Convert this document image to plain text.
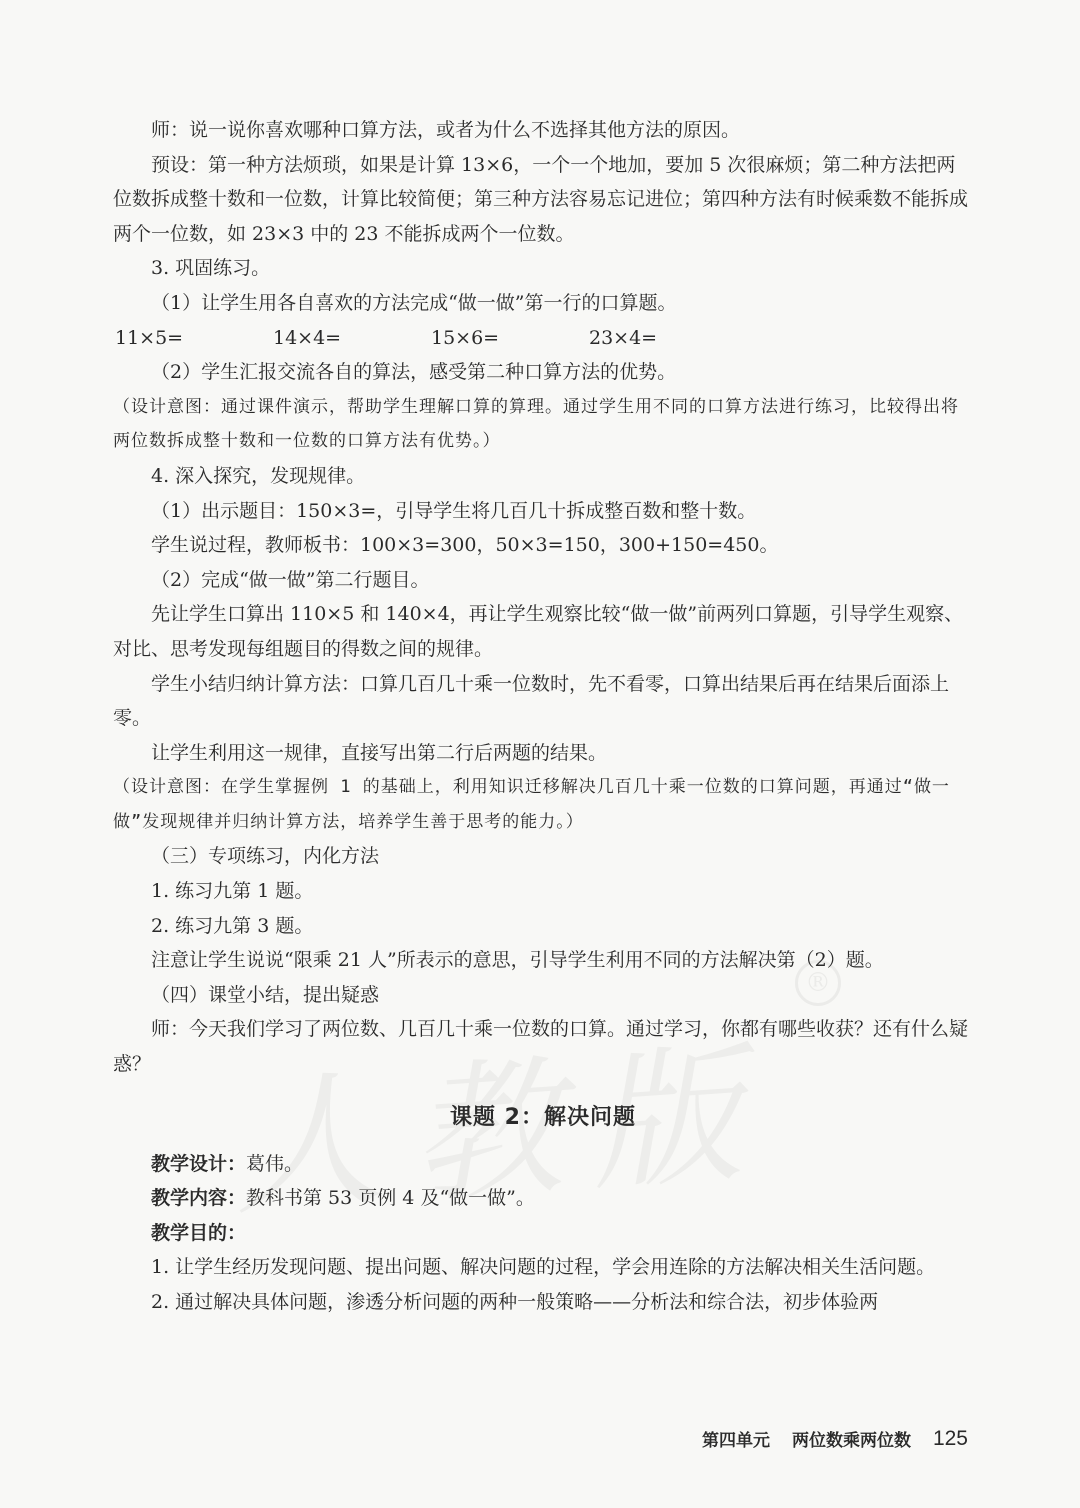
®

师：说一说你喜欢哪种口算方法，或者为什么不选择其他方法的原因。

预设：第一种方法烦琐，如果是计算 13×6，一个一个地加，要加 5 次很麻烦；第二种方法把两位数拆成整十数和一位数，计算比较简便；第三种方法容易忘记进位；第四种方法有时候乘数不能拆成两个一位数，如 23×3 中的 23 不能拆成两个一位数。

3. 巩固练习。

（1）让学生用各自喜欢的方法完成“做一做”第一行的口算题。

11×5=	14×4=	15×6=	23×4=

（2）学生汇报交流各自的算法，感受第二种口算方法的优势。

（设计意图：通过课件演示，帮助学生理解口算的算理。通过学生用不同的口算方法进行练习，比较得出将两位数拆成整十数和一位数的口算方法有优势。）

4. 深入探究，发现规律。

（1）出示题目：150×3=，引导学生将几百几十拆成整百数和整十数。

学生说过程，教师板书：100×3=300，50×3=150，300+150=450。

（2）完成“做一做”第二行题目。

先让学生口算出 110×5 和 140×4，再让学生观察比较“做一做”前两列口算题，引导学生观察、对比、思考发现每组题目的得数之间的规律。

学生小结归纳计算方法：口算几百几十乘一位数时，先不看零，口算出结果后再在结果后面添上零。

让学生利用这一规律，直接写出第二行后两题的结果。

（设计意图：在学生掌握例 1 的基础上，利用知识迁移解决几百几十乘一位数的口算问题，再通过“做一做”发现规律并归纳计算方法，培养学生善于思考的能力。）

（三）专项练习，内化方法

1. 练习九第 1 题。

2. 练习九第 3 题。

注意让学生说说“限乘 21 人”所表示的意思，引导学生利用不同的方法解决第（2）题。

（四）课堂小结，提出疑惑

师：今天我们学习了两位数、几百几十乘一位数的口算。通过学习，你都有哪些收获？还有什么疑惑？

课题 2：解决问题

教学设计：葛伟。

教学内容：教科书第 53 页例 4 及“做一做”。

教学目的：

1. 让学生经历发现问题、提出问题、解决问题的过程，学会用连除的方法解决相关生活问题。

2. 通过解决具体问题，渗透分析问题的两种一般策略——分析法和综合法，初步体验两

第四单元 两位数乘两位数 125
